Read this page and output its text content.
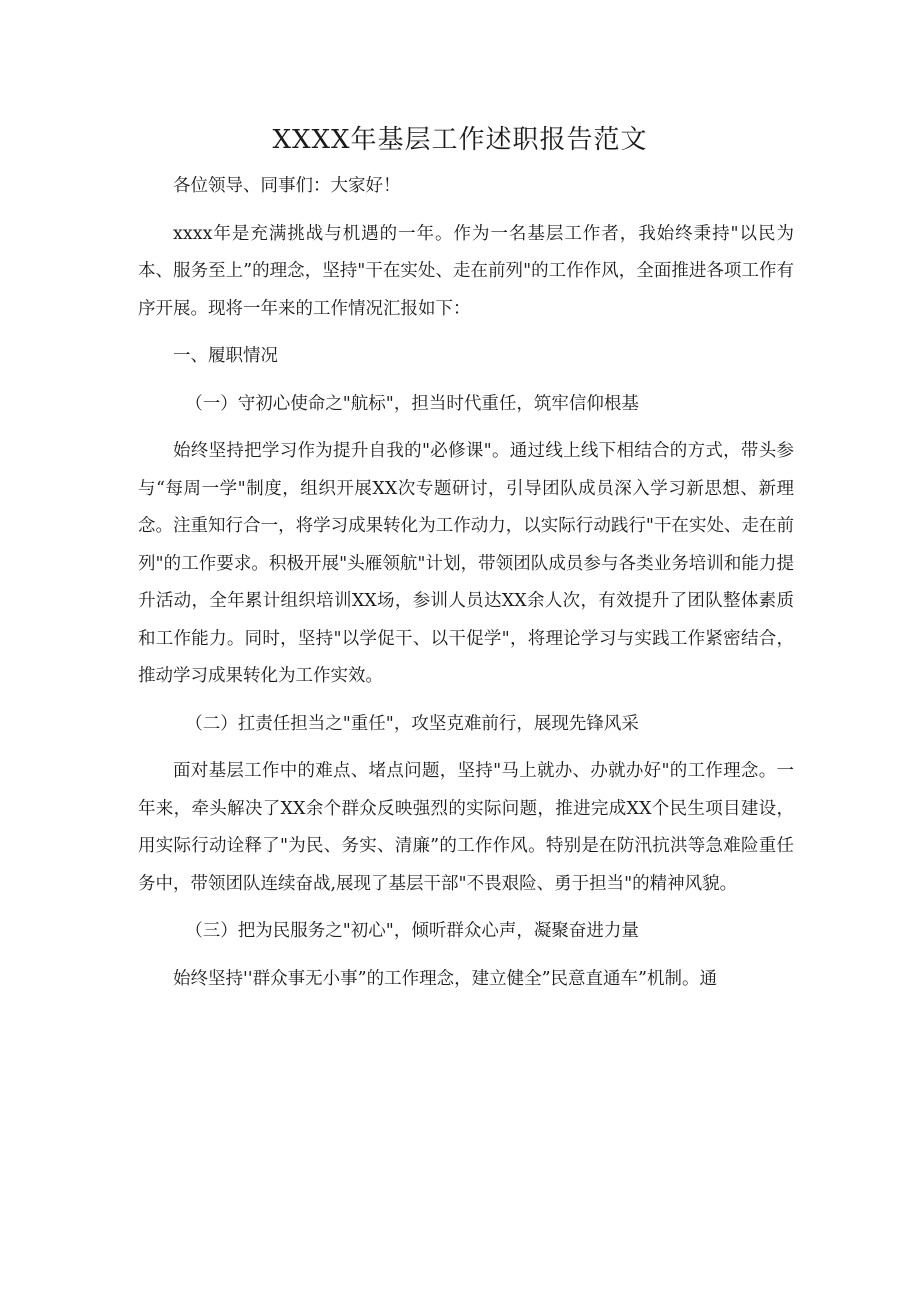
XXXX年基层工作述职报告范文

各位领导、同事们：大家好！

xxxx年是充满挑战与机遇的一年。作为一名基层工作者，我始终秉持"以民为本、服务至上”的理念，坚持"干在实处、走在前列"的工作作风，全面推进各项工作有序开展。现将一年来的工作情况汇报如下：

一、履职情况

（一）守初心使命之"航标"，担当时代重任，筑牢信仰根基

始终坚持把学习作为提升自我的"必修课"。通过线上线下相结合的方式，带头参与“每周一学"制度，组织开展XX次专题研讨，引导团队成员深入学习新思想、新理念。注重知行合一，将学习成果转化为工作动力，以实际行动践行"干在实处、走在前列"的工作要求。积极开展"头雁领航"计划，带领团队成员参与各类业务培训和能力提升活动，全年累计组织培训XX场，参训人员达XX余人次，有效提升了团队整体素质和工作能力。同时，坚持"以学促干、以干促学"，将理论学习与实践工作紧密结合，推动学习成果转化为工作实效。

（二）扛责任担当之"重任"，攻坚克难前行，展现先锋风采

面对基层工作中的难点、堵点问题，坚持"马上就办、办就办好"的工作理念。一年来，牵头解决了XX余个群众反映强烈的实际问题，推进完成XX个民生项目建设，用实际行动诠释了"为民、务实、清廉”的工作作风。特别是在防汛抗洪等急难险重任务中，带领团队连续奋战,展现了基层干部"不畏艰险、勇于担当"的精神风貌。

（三）把为民服务之"初心"，倾听群众心声，凝聚奋进力量

始终坚持''群众事无小事”的工作理念，建立健全”民意直通车”机制。通
